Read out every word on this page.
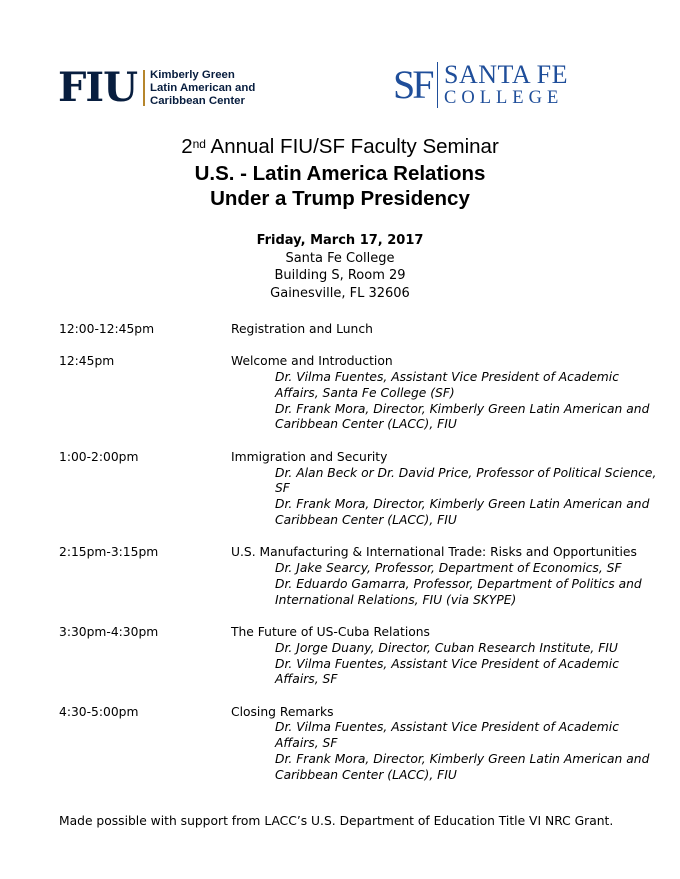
FIU Kimberly Green
Latin American and
Caribbean Center	SF SANTA FE
COLLEGE
2nd Annual FIU/SF Faculty Seminar
U.S. - Latin America Relations
Under a Trump Presidency
Friday, March 17, 2017
Santa Fe College
Building S, Room 29
Gainesville, FL 32606
12:00-12:45pm	Registration and Lunch
12:45pm	Welcome and Introduction
Dr. Vilma Fuentes, Assistant Vice President of Academic Affairs, Santa Fe College (SF)
Dr. Frank Mora, Director, Kimberly Green Latin American and Caribbean Center (LACC), FIU
1:00-2:00pm	Immigration and Security
Dr. Alan Beck or Dr. David Price, Professor of Political Science, SF
Dr. Frank Mora, Director, Kimberly Green Latin American and Caribbean Center (LACC), FIU
2:15pm-3:15pm	U.S. Manufacturing & International Trade: Risks and Opportunities
Dr. Jake Searcy, Professor, Department of Economics, SF
Dr. Eduardo Gamarra, Professor, Department of Politics and International Relations, FIU (via SKYPE)
3:30pm-4:30pm	The Future of US-Cuba Relations
Dr. Jorge Duany, Director, Cuban Research Institute, FIU
Dr. Vilma Fuentes, Assistant Vice President of Academic Affairs, SF
4:30-5:00pm	Closing Remarks
Dr. Vilma Fuentes, Assistant Vice President of Academic Affairs, SF
Dr. Frank Mora, Director, Kimberly Green Latin American and Caribbean Center (LACC), FIU
Made possible with support from LACC’s U.S. Department of Education Title VI NRC Grant.
